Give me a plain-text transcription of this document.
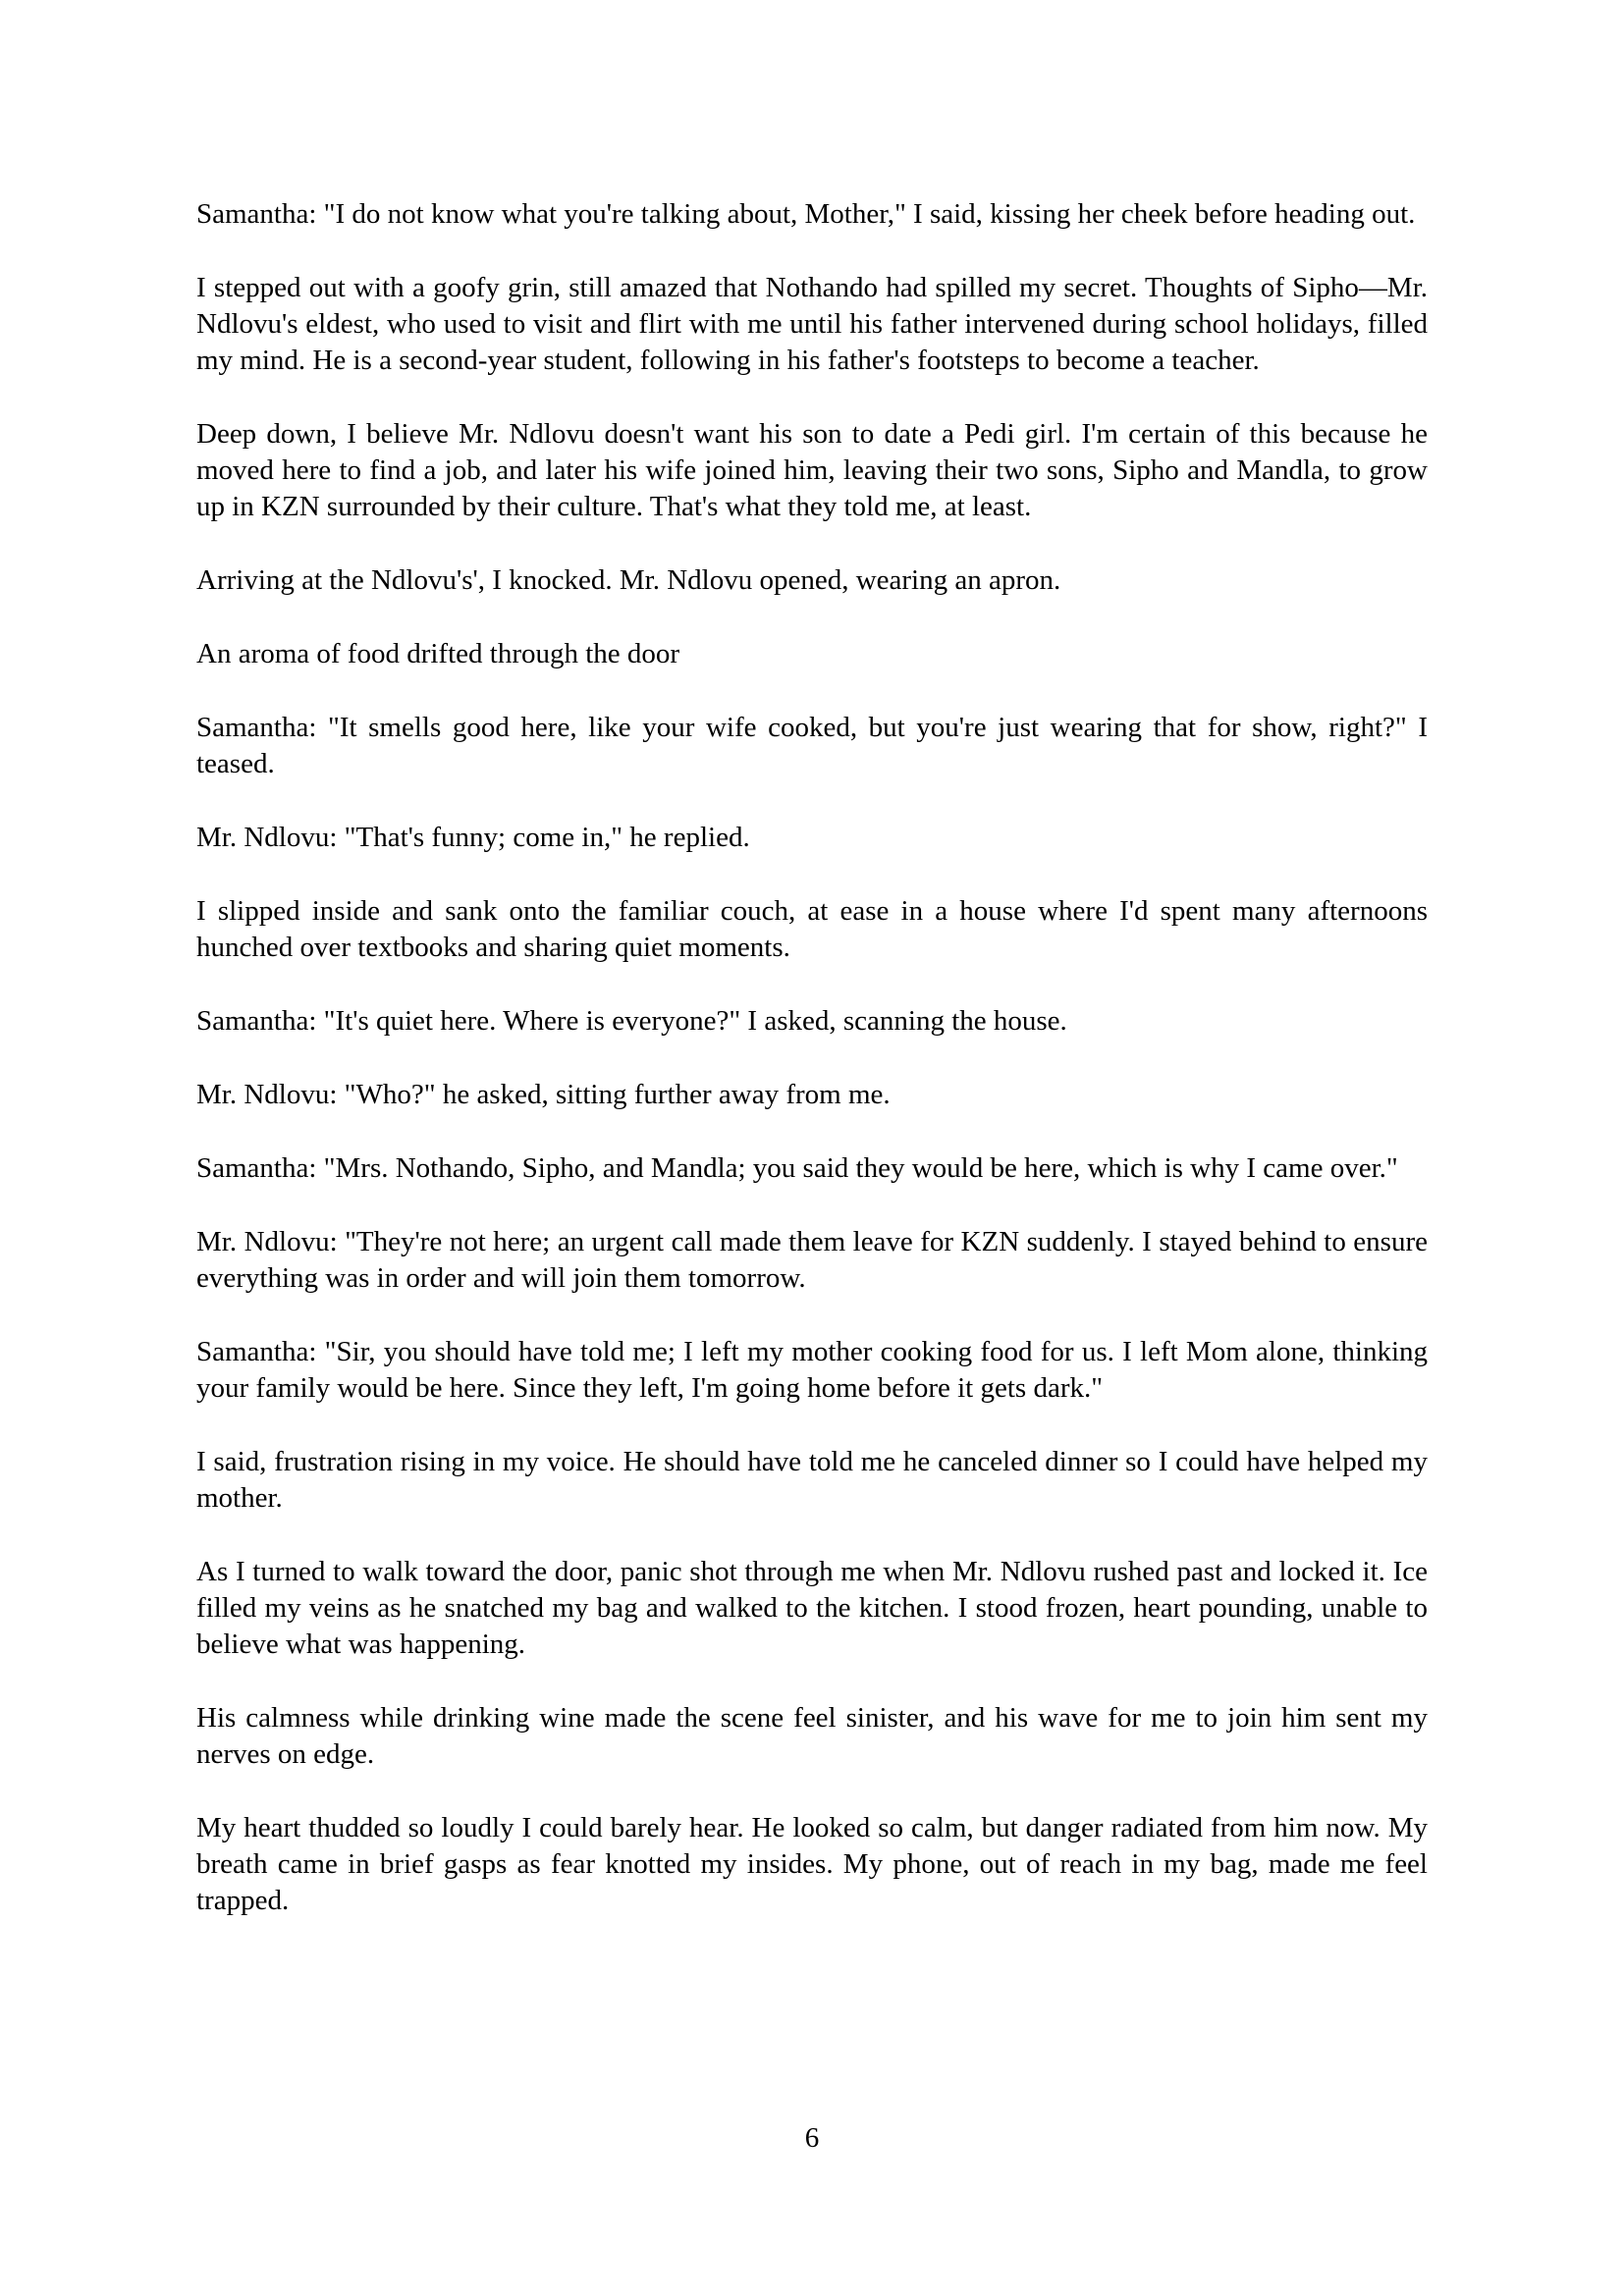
Samantha: "I do not know what you're talking about, Mother," I said, kissing her cheek before heading out.

I stepped out with a goofy grin, still amazed that Nothando had spilled my secret. Thoughts of Sipho—Mr. Ndlovu's eldest, who used to visit and flirt with me until his father intervened during school holidays, filled my mind. He is a second-year student, following in his father's footsteps to become a teacher.

Deep down, I believe Mr. Ndlovu doesn't want his son to date a Pedi girl. I'm certain of this because he moved here to find a job, and later his wife joined him, leaving their two sons, Sipho and Mandla, to grow up in KZN surrounded by their culture. That's what they told me, at least.

Arriving at the Ndlovu's', I knocked. Mr. Ndlovu opened, wearing an apron.

An aroma of food drifted through the door

Samantha: "It smells good here, like your wife cooked, but you're just wearing that for show, right?" I teased.

Mr. Ndlovu: "That's funny; come in," he replied.

I slipped inside and sank onto the familiar couch, at ease in a house where I'd spent many afternoons hunched over textbooks and sharing quiet moments.

Samantha: "It's quiet here. Where is everyone?" I asked, scanning the house.

Mr. Ndlovu: "Who?" he asked, sitting further away from me.

Samantha: "Mrs. Nothando, Sipho, and Mandla; you said they would be here, which is why I came over."

Mr. Ndlovu: "They're not here; an urgent call made them leave for KZN suddenly. I stayed behind to ensure everything was in order and will join them tomorrow.

Samantha: "Sir, you should have told me; I left my mother cooking food for us. I left Mom alone, thinking your family would be here. Since they left, I'm going home before it gets dark."

I said, frustration rising in my voice. He should have told me he canceled dinner so I could have helped my mother.

As I turned to walk toward the door, panic shot through me when Mr. Ndlovu rushed past and locked it. Ice filled my veins as he snatched my bag and walked to the kitchen. I stood frozen, heart pounding, unable to believe what was happening.

His calmness while drinking wine made the scene feel sinister, and his wave for me to join him sent my nerves on edge.

My heart thudded so loudly I could barely hear. He looked so calm, but danger radiated from him now. My breath came in brief gasps as fear knotted my insides. My phone, out of reach in my bag, made me feel trapped.

6
